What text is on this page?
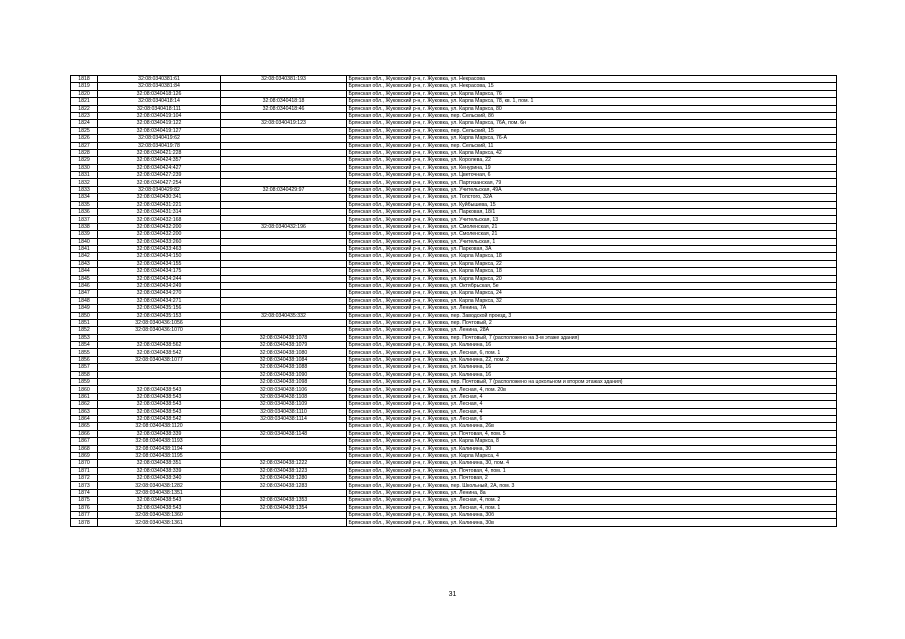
1818	32:08:0340381:61	32:08:0340381:193	Брянская обл., Жуковский р-н, г. Жуковка, ул. Некрасова
1819	32:08:0340381:84		Брянская обл., Жуковский р-н, г. Жуковка, ул. Некрасова, 15
1820	32:08:0340418:126		Брянская обл., Жуковский р-н, г. Жуковка, ул. Карла Маркса, 76
1821	32:08:0340418:14	32:08:0340418:18	Брянская обл., Жуковский р-н, г. Жуковка, ул. Карла Маркса, 78, кв. 1, пом. 1
1822	32:08:0340418:111	32:08:0340418:46	Брянская обл., Жуковский р-н, г. Жуковка, ул. Карла Маркса, 80
1823	32:08:0340419:104		Брянская обл., Жуковский р-н, г. Жуковка, пер. Сельский, 8б
1824	32:08:0340419:122	32:08:0340419:123	Брянская обл., Жуковский р-н, г. Жуковка, ул. Карла Маркса, 76А, пом. 6н
1825	32:08:0340419:127		Брянская обл., Жуковский р-н, г. Жуковка, пер. Сельский, 15
1826	32:08:0340419:62		Брянская обл., Жуковский р-н, г. Жуковка, ул. Карла Маркса, 76-А
1827	32:08:0340419:78		Брянская обл., Жуковский р-н, г. Жуковка, пер. Сельский, 11
1828	32:08:0340421:228		Брянская обл., Жуковский р-н, г. Жуковка, ул. Карла Маркса, 42
1829	32:08:0340424:357		Брянская обл., Жуковский р-н, г. Жуковка, ул. Королева, 22
1830	32:08:0340424:427		Брянская обл., Жуковский р-н, г. Жуковка, ул. Кенурина, 19
1831	32:08:0340427:239		Брянская обл., Жуковский р-н, г. Жуковка, ул. Цветочная, 6
1832	32:08:0340427:254		Брянская обл., Жуковский р-н, г. Жуковка, ул. Партизанская, 79
1833	32:08:0340429:82	32:08:0340429:97	Брянская обл., Жуковский р-н, г. Жуковка, ул. Учительская, 49А
1834	32:08:0340430:341		Брянская обл., Жуковский р-н, г. Жуковка, ул. Толстого, 32А
1835	32:08:0340431:221		Брянская обл., Жуковский р-н, г. Жуковка, ул. Куйбышева, 15
1836	32:08:0340431:314		Брянская обл., Жуковский р-н, г. Жуковка, ул. Парковая, 18/1
1837	32:08:0340432:168		Брянская обл., Жуковский р-н, г. Жуковка, ул. Учительская, 13
1838	32:08:0340432:200	32:08:0340432:196	Брянская обл., Жуковский р-н, г. Жуковка, ул. Смоленская, 21
1839	32:08:0340432:200		Брянская обл., Жуковский р-н, г. Жуковка, ул. Смоленская, 21
1840	32:08:0340433:260		Брянская обл., Жуковский р-н, г. Жуковка, ул. Учительская, 1
1841	32:08:0340433:463		Брянская обл., Жуковский р-н, г. Жуковка, ул. Парковая, 3А
1842	32:08:0340434:150		Брянская обл., Жуковский р-н, г. Жуковка, ул. Карла Маркса, 18
1843	32:08:0340434:155		Брянская обл., Жуковский р-н, г. Жуковка, ул. Карла Маркса, 22
1844	32:08:0340434:175		Брянская обл., Жуковский р-н, г. Жуковка, ул. Карла Маркса, 18
1845	32:08:0340434:244		Брянская обл., Жуковский р-н, г. Жуковка, ул. Карла Маркса, 20
1846	32:08:0340434:249		Брянская обл., Жуковский р-н, г. Жуковка, ул. Октябрьская, 5е
1847	32:08:0340434:270		Брянская обл., Жуковский р-н, г. Жуковка, ул. Карла Маркса, 24
1848	32:08:0340434:271		Брянская обл., Жуковский р-н, г. Жуковка, ул. Карла Маркса, 32
1849	32:08:0340435:156		Брянская обл., Жуковский р-н, г. Жуковка, ул. Ленина, 7А
1850	32:08:0340435:153	32:08:0340435:332	Брянская обл., Жуковский р-н, г. Жуковка, пер. Заводской проезд, 3
1851	32:08:0340436:1056		Брянская обл., Жуковский р-н, г. Жуковка, пер. Почтовый, 2
1852	32:08:0340436:1070		Брянская обл., Жуковский р-н, г. Жуковка, ул. Ленина, 28А
1853		32:08:0340438:1078	Брянская обл., Жуковский р-н, г. Жуковка, пер. Почтовый, 7 (расположено на 3-м этаже здания)
1854	32:08:0340438:562	32:08:0340438:1079	Брянская обл., Жуковский р-н, г. Жуковка, ул. Калинина, 16
1855	32:08:0340438:542	32:08:0340438:1080	Брянская обл., Жуковский р-н, г. Жуковка, ул. Лесная, 6, пом. 1
1856	32:08:0340438:1077	32:08:0340438:1084	Брянская обл., Жуковский р-н, г. Жуковка, ул. Калинина, 22, пом. 2
1857		32:08:0340438:1088	Брянская обл., Жуковский р-н, г. Жуковка, ул. Калинина, 16
1858		32:08:0340438:1090	Брянская обл., Жуковский р-н, г. Жуковка, ул. Калинина, 16
1859		32:08:0340438:1098	Брянская обл., Жуковский р-н, г. Жуковка, пер. Почтовый, 7 (расположено на цокольном и втором этажах здания)
1860	32:08:0340438:543	32:08:0340438:1106	Брянская обл., Жуковский р-н, г. Жуковка, ул. Лесная, 4, пом. 20в
1861	32:08:0340438:543	32:08:0340438:1108	Брянская обл., Жуковский р-н, г. Жуковка, ул. Лесная, 4
1862	32:08:0340438:543	32:08:0340438:1109	Брянская обл., Жуковский р-н, г. Жуковка, ул. Лесная, 4
1863	32:08:0340438:543	32:08:0340438:1110	Брянская обл., Жуковский р-н, г. Жуковка, ул. Лесная, 4
1864	32:08:0340438:542	32:08:0340438:1114	Брянская обл., Жуковский р-н, г. Жуковка, ул. Лесная, 6
1865	32:08:0340438:1120		Брянская обл., Жуковский р-н, г. Жуковка, ул. Калинина, 26в
1866	32:08:0340438:339	32:08:0340438:1148	Брянская обл., Жуковский р-н, г. Жуковка, ул. Почтовая, 4, пом. 5
1867	32:08:0340438:1193		Брянская обл., Жуковский р-н, г. Жуковка, ул. Карла Маркса, 8
1868	32:08:0340438:1194		Брянская обл., Жуковский р-н, г. Жуковка, ул. Калинина, 30
1869	32:08:0340438:1195		Брянская обл., Жуковский р-н, г. Жуковка, ул. Карла Маркса, 4
1870	32:08:0340438:351	32:08:0340438:1222	Брянская обл., Жуковский р-н, г. Жуковка, ул. Калинина, 30, пом. 4
1871	32:08:0340438:339	32:08:0340438:1223	Брянская обл., Жуковский р-н, г. Жуковка, ул. Почтовая, 4, пом. 1
1872	32:08:0340438:340	32:08:0340438:1280	Брянская обл., Жуковский р-н, г. Жуковка, ул. Почтовая, 2
1873	32:08:0340438:1282	32:08:0340438:1283	Брянская обл., Жуковский р-н, г. Жуковка, пер. Школьный, 2А, пом. 3
1874	32:08:0340438:1351		Брянская обл., Жуковский р-н, г. Жуковка, ул. Ленина, 8а
1875	32:08:0340438:543	32:08:0340438:1353	Брянская обл., Жуковский р-н, г. Жуковка, ул. Лесная, 4, пом. 2
1876	32:08:0340438:543	32:08:0340438:1354	Брянская обл., Жуковский р-н, г. Жуковка, ул. Лесная, 4, пом. 1
1877	32:08:0340438:1360		Брянская обл., Жуковский р-н, г. Жуковка, ул. Калинина, 30б
1878	32:08:0340438:1361		Брянская обл., Жуковский р-н, г. Жуковка, ул. Калинина, 30в
31
